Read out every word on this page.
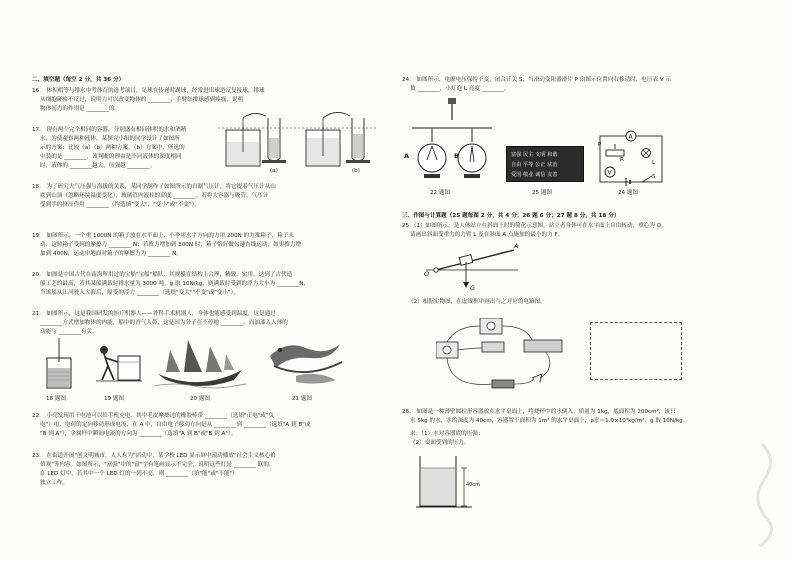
二、填空题（每空 2 分，共 36 分）
16.　体积相等与排水中考体育的选考项目，足球在传递时踢球，经常进出球道反复接球，排球
从细胞碰撞不反过，说明力可以改变物体的 ________，手臂结排球感到疼痛，说明
物体间力的作用是 ________的。
17.　现有两个完全相同的容器，分别盛有相同体积的水和酒精
水，为使观察两种液体，某探究小组的同学设计了如图所
示的方案：比较（a）（b）两种方案，（b）方案中，所选的
中装的是 ________，该判断的理由是不同液体的深度相同
时，液体的 ________越大，压强越 ________。
(a)	(b)
18.　为了研究大气压强与海拔的关系，某同学制作了如图所示的自制气压计，将它提着气压计从山
底到山顶（忽略环境温度变化），玻璃管内液柱的高度 ________。若将大容器与吸管，气压计
受到手的挤压作用 ________（均选填"变大"、"变小"或"不变"）。
19.　如图所示，一个重 1000N 的箱子放在水平面上，小李用水平方向的力用 200N 的力推箱子，箱子未
动，这时箱子受到的摩擦力 ________ N；若推力增加到 300N 时，箱子恰好做匀速直线运动；如果推力增
加到 400N，运动中地面对箱子的摩擦力为 ________ N。
20.　如图是中国古代在南海所用过的宝船"宝船"船队，其规模在结构上合理，精致、实用，达到了古代造
船工艺的最高，若其某船满载时排水量为 3000 吨，g 取 10N/kg，则满载时受到的浮力大小为 ________N，
当该船从江河驶入大海后，船受的浮力 ________（选填"变大""不变"或"变小"）。
21.　如图所示，这是我国研发的医疗机器人——外科手术机器人，身体也能感受到温度，这是通过
________方式增加物体的内能，船中的香气入鼻，这是因为分子在不停地 ________，而油漆入人体的
动能与 ________有关。
18 题图	19 题图	20 题图	21 题图
22.　小亮发现用干电池可以给手机充电，其中毛皮摩擦过的橡胶棒带 ________（选填"正电"或"负
电"）电，电荷的定向移动形成电流，在 A 中，自由电子移动方向是从 ________到 ________（选填"A 到 B"或
"B 到 A"），金属杆中瞬间电流的方向为 ________（选填"A 到 B"或"B 到 A"）。
23.　在街道开展"创文明城市，人人有为"活动中，某学校 LED 显示屏中滚动播放"社会主义核心价
值观"等内容。如图所示，"富强"中的"富"字有笔画显示不完全，说明这些灯是 ________ 联的，
在 LED 灯中，若其中一个 LED 灯的一列不亮，则 ________（填"能"或"不能"）
独立工作。
24.　如图所示，电源电压保持不变，闭合开关 S，当滑动变阻器滑片 P 由图示位置向右移动时，电压表 V 示
数 ________，小灯泡 L 亮度 ________。
A	B	富强 民主 文明 和谐
自由 平等 公正 法治
爱国 敬业 诚信 友善
A
V
P
R	L
S
22 题图	25 题图	24 题图
三、作图与计算题（25 题每图 2 分，共 4 分；26 题 6 分；27 题 8 分，共 18 分）
25.（1）如图所示，是人体站立在斜面上时的简化示意图，站立者身体可在水平面上自由转动，重心为 O，
请画出斜面受重力的力臂 L 及在斜面 A 点施加的最小的力 F。
O
A
G
（2）根据实物图，在虚线框中画出与之对应的电路图。
26.　如图是一种薄壁圆柱形容器放在水平桌面上，将烧杯中的水倒入，质量为 1kg，底面积为 200cm²，该只
水 5kg 的水，水的深度为 40cm，容器置于面积为 1m² 的水平桌面上，ρ水＝1.0×10³kg/m³，g 取 10N/kg。
求：（1）水对容器底的压强；
（2）桌面受到的压力。
40cm
